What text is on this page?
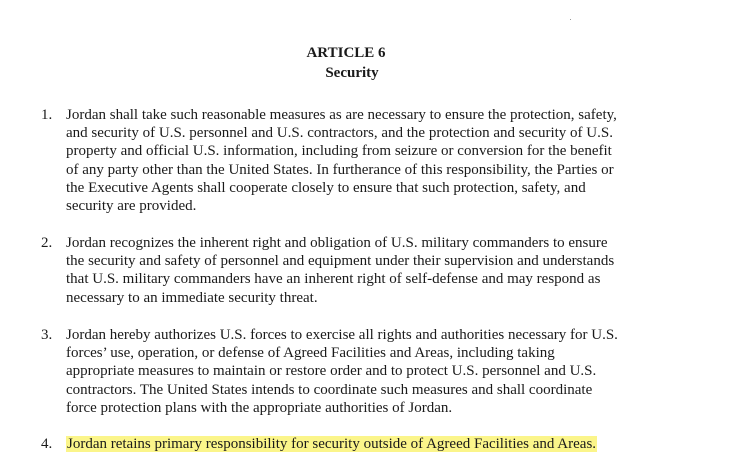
ARTICLE 6
Security
1. Jordan shall take such reasonable measures as are necessary to ensure the protection, safety,
and security of U.S. personnel and U.S. contractors, and the protection and security of U.S.
property and official U.S. information, including from seizure or conversion for the benefit
of any party other than the United States. In furtherance of this responsibility, the Parties or
the Executive Agents shall cooperate closely to ensure that such protection, safety, and
security are provided.
2. Jordan recognizes the inherent right and obligation of U.S. military commanders to ensure
the security and safety of personnel and equipment under their supervision and understands
that U.S. military commanders have an inherent right of self-defense and may respond as
necessary to an immediate security threat.
3. Jordan hereby authorizes U.S. forces to exercise all rights and authorities necessary for U.S.
forces’ use, operation, or defense of Agreed Facilities and Areas, including taking
appropriate measures to maintain or restore order and to protect U.S. personnel and U.S.
contractors. The United States intends to coordinate such measures and shall coordinate
force protection plans with the appropriate authorities of Jordan.
4. Jordan retains primary responsibility for security outside of Agreed Facilities and Areas.
